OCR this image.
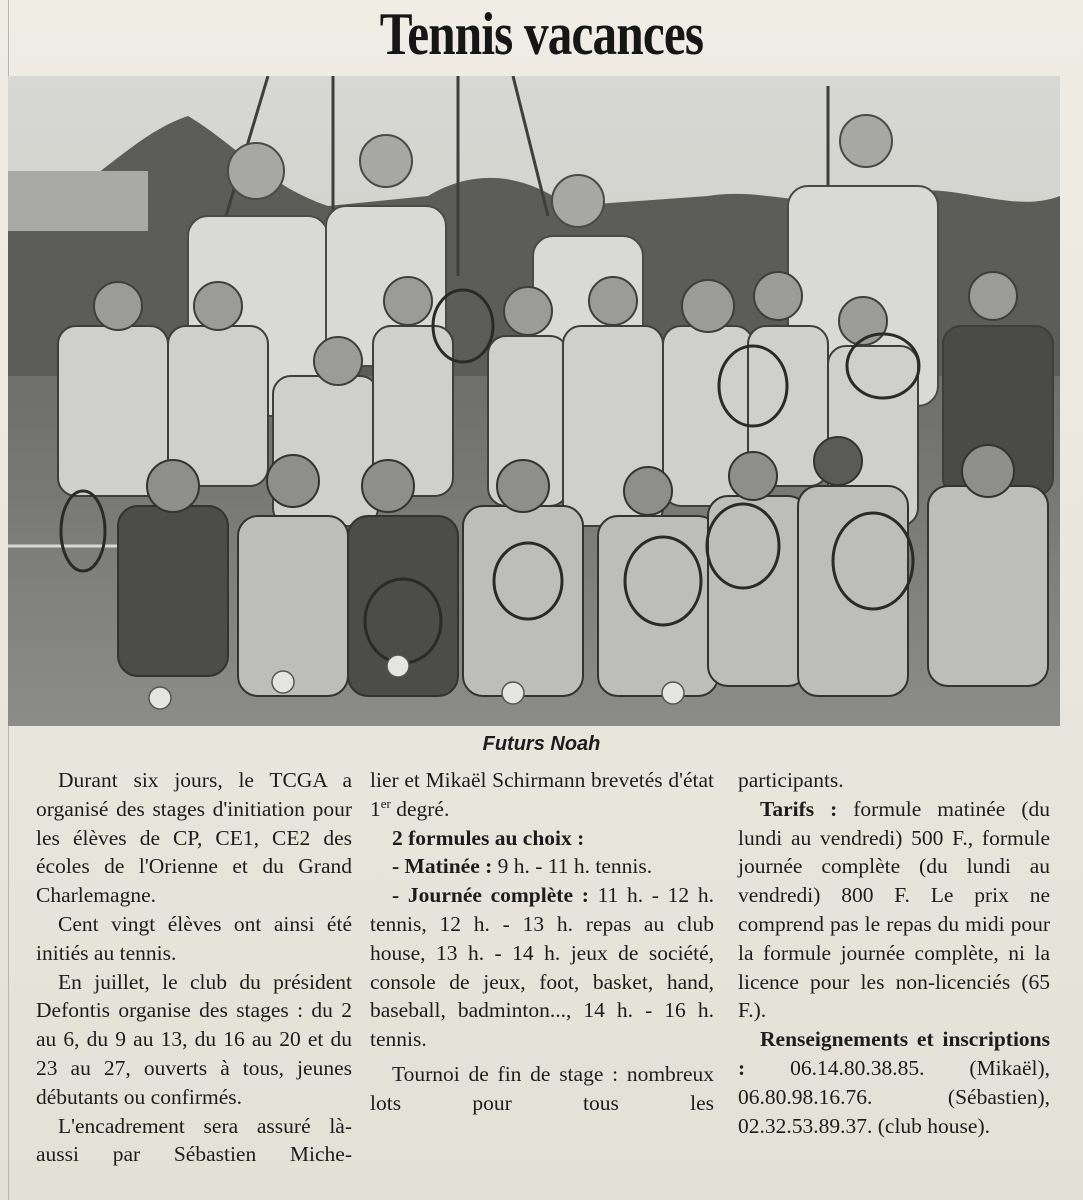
Tennis vacances
Futurs Noah

Durant six jours, le TCGA a organisé des stages d'initiation pour les élèves de CP, CE1, CE2 des écoles de l'Orienne et du Grand Charlemagne.

Cent vingt élèves ont ainsi été initiés au tennis.

En juillet, le club du président Defontis organise des stages : du 2 au 6, du 9 au 13, du 16 au 20 et du 23 au 27, ouverts à tous, jeunes débutants ou confirmés.

L'encadrement sera assuré là-aussi par Sébastien Miche-

lier et Mikaël Schirmann brevetés d'état 1er degré.

2 formules au choix :

- Matinée : 9 h. - 11 h. tennis.

- Journée complète : 11 h. - 12 h. tennis, 12 h. - 13 h. repas au club house, 13 h. - 14 h. jeux de société, console de jeux, foot, basket, hand, baseball, badminton..., 14 h. - 16 h. tennis.

Tournoi de fin de stage : nombreux lots pour tous les

participants.

Tarifs : formule matinée (du lundi au vendredi) 500 F., formule journée complète (du lundi au vendredi) 800 F. Le prix ne comprend pas le repas du midi pour la formule journée complète, ni la licence pour les non-licenciés (65 F.).

Renseignements et inscriptions : 06.14.80.38.85. (Mikaël), 06.80.98.16.76. (Sébastien), 02.32.53.89.37. (club house).
